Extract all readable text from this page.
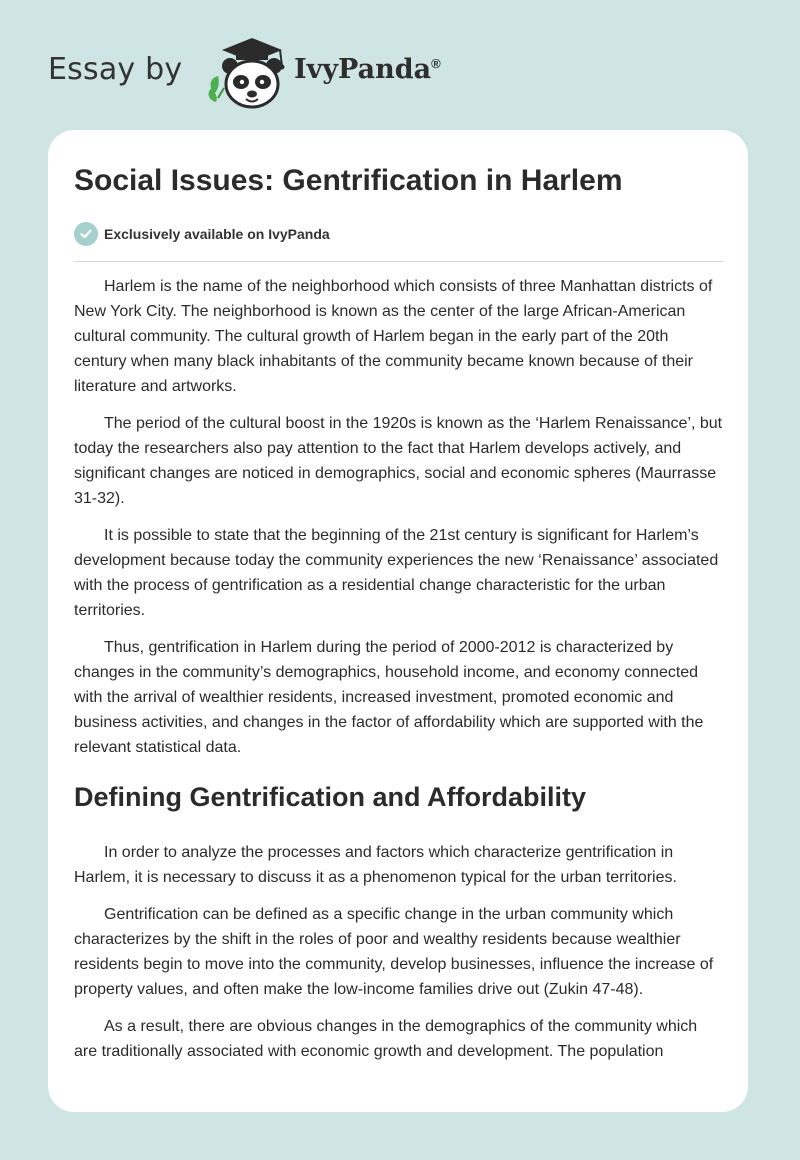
Essay by	IvyPanda®
Social Issues: Gentrification in Harlem
Exclusively available on IvyPanda

Harlem is the name of the neighborhood which consists of three Manhattan districts of New York City. The neighborhood is known as the center of the large African-American cultural community. The cultural growth of Harlem began in the early part of the 20th century when many black inhabitants of the community became known because of their literature and artworks.

The period of the cultural boost in the 1920s is known as the ‘Harlem Renaissance’, but today the researchers also pay attention to the fact that Harlem develops actively, and significant changes are noticed in demographics, social and economic spheres (Maurrasse 31-32).

It is possible to state that the beginning of the 21st century is significant for Harlem’s development because today the community experiences the new ‘Renaissance’ associated with the process of gentrification as a residential change characteristic for the urban territories.

Thus, gentrification in Harlem during the period of 2000-2012 is characterized by changes in the community’s demographics, household income, and economy connected with the arrival of wealthier residents, increased investment, promoted economic and business activities, and changes in the factor of affordability which are supported with the relevant statistical data.

Defining Gentrification and Affordability

In order to analyze the processes and factors which characterize gentrification in Harlem, it is necessary to discuss it as a phenomenon typical for the urban territories.

Gentrification can be defined as a specific change in the urban community which characterizes by the shift in the roles of poor and wealthy residents because wealthier residents begin to move into the community, develop businesses, influence the increase of property values, and often make the low-income families drive out (Zukin 47-48).

As a result, there are obvious changes in the demographics of the community which are traditionally associated with economic growth and development. The population
